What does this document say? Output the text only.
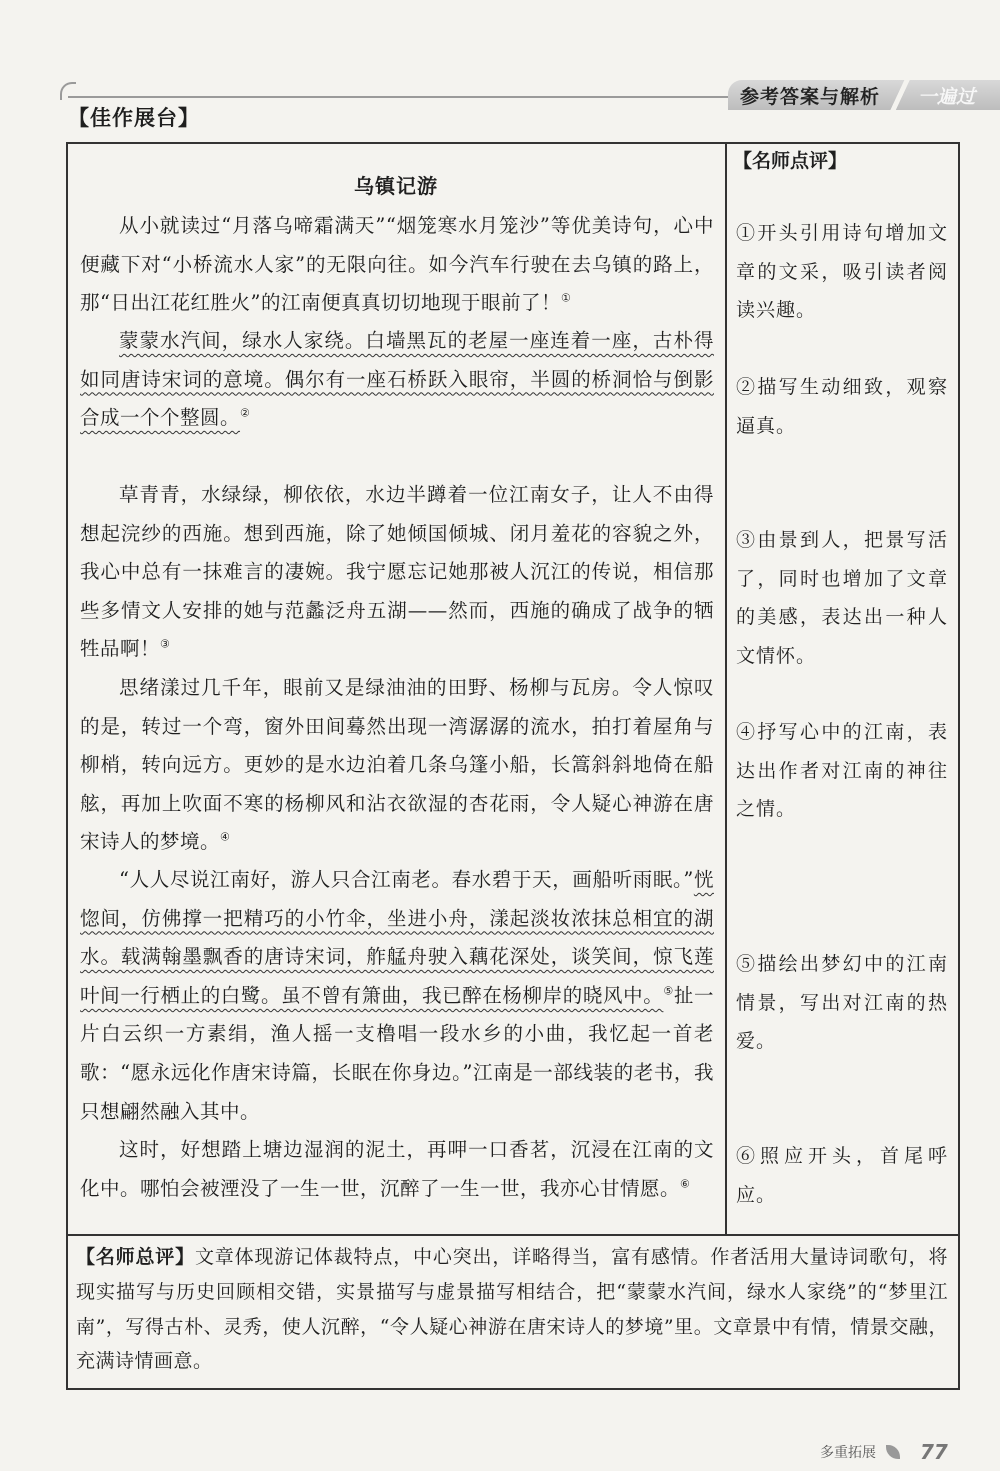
参考答案与解析 一遍过
【佳作展台】
乌镇记游

从小就读过“月落乌啼霜满天”“烟笼寒水月笼沙”等优美诗句，心中便藏下对“小桥流水人家”的无限向往。如今汽车行驶在去乌镇的路上，那“日出江花红胜火”的江南便真真切切地现于眼前了！①

蒙蒙水汽间，绿水人家绕。白墙黑瓦的老屋一座连着一座，古朴得如同唐诗宋词的意境。偶尔有一座石桥跃入眼帘，半圆的桥洞恰与倒影合成一个个整圆。②

草青青，水绿绿，柳依依，水边半蹲着一位江南女子，让人不由得想起浣纱的西施。想到西施，除了她倾国倾城、闭月羞花的容貌之外，我心中总有一抹难言的凄婉。我宁愿忘记她那被人沉江的传说，相信那些多情文人安排的她与范蠡泛舟五湖——然而，西施的确成了战争的牺牲品啊！③

思绪漾过几千年，眼前又是绿油油的田野、杨柳与瓦房。令人惊叹的是，转过一个弯，窗外田间蓦然出现一湾潺潺的流水，拍打着屋角与柳梢，转向远方。更妙的是水边泊着几条乌篷小船，长篙斜斜地倚在船舷，再加上吹面不寒的杨柳风和沾衣欲湿的杏花雨，令人疑心神游在唐宋诗人的梦境。④

“人人尽说江南好，游人只合江南老。春水碧于天，画船听雨眠。”恍惚间，仿佛撑一把精巧的小竹伞，坐进小舟，漾起淡妆浓抹总相宜的湖水。载满翰墨飘香的唐诗宋词，舴艋舟驶入藕花深处，谈笑间，惊飞莲叶间一行栖止的白鹭。虽不曾有箫曲，我已醉在杨柳岸的晓风中。⑤扯一片白云织一方素绢，渔人摇一支橹唱一段水乡的小曲，我忆起一首老歌：“愿永远化作唐宋诗篇，长眠在你身边。”江南是一部线装的老书，我只想翩然融入其中。

这时，好想踏上塘边湿润的泥土，再呷一口香茗，沉浸在江南的文化中。哪怕会被湮没了一生一世，沉醉了一生一世，我亦心甘情愿。⑥

【名师点评】

①开头引用诗句增加文章的文采，吸引读者阅读兴趣。

②描写生动细致，观察逼真。

③由景到人，把景写活了，同时也增加了文章的美感，表达出一种人文情怀。

④抒写心中的江南，表达出作者对江南的神往之情。

⑤描绘出梦幻中的江南情景，写出对江南的热爱。

⑥照应开头，首尾呼应。

【名师总评】文章体现游记体裁特点，中心突出，详略得当，富有感情。作者活用大量诗词歌句，将现实描写与历史回顾相交错，实景描写与虚景描写相结合，把“蒙蒙水汽间，绿水人家绕”的“梦里江南”，写得古朴、灵秀，使人沉醉，“令人疑心神游在唐宋诗人的梦境”里。文章景中有情，情景交融，充满诗情画意。

多重拓展 77
